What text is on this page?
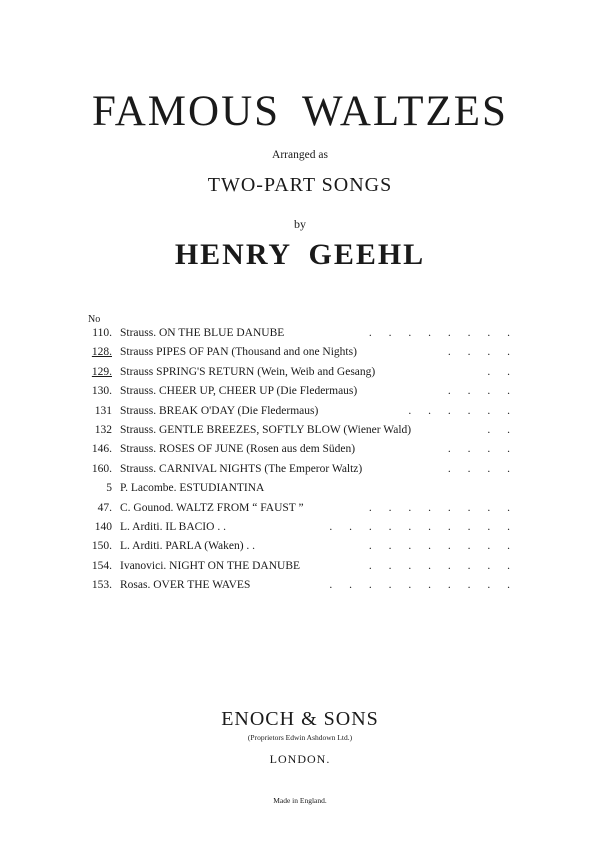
FAMOUS WALTZES
Arranged as
TWO-PART SONGS
by
HENRY GEEHL
No
110. Strauss. ON THE BLUE DANUBE	. . . . . . . .
128. Strauss PIPES OF PAN (Thousand and one Nights)	. . . .
129. Strauss SPRING'S RETURN (Wein, Weib and Gesang)	. .
130. Strauss. CHEER UP, CHEER UP (Die Fledermaus)	. . . .
131 Strauss. BREAK O'DAY (Die Fledermaus)	. . . . . .
132 Strauss. GENTLE BREEZES, SOFTLY BLOW (Wiener Wald)	. .
146. Strauss. ROSES OF JUNE (Rosen aus dem Süden)	. . . .
160. Strauss. CARNIVAL NIGHTS (The Emperor Waltz)	. . . .
5 P. Lacombe. ESTUDIANTINA
47. C. Gounod. WALTZ FROM “ FAUST ”	. . . . . . . .
140 L. Arditi. IL BACIO . .	. . . . . . . . . .
150. L. Arditi. PARLA (Waken) . .	. . . . . . . .
154. Ivanovici. NIGHT ON THE DANUBE	. . . . . . . .
153. Rosas. OVER THE WAVES	. . . . . . . . . .
ENOCH & SONS
(Proprietors Edwin Ashdown Ltd.)
LONDON.
Made in England.
